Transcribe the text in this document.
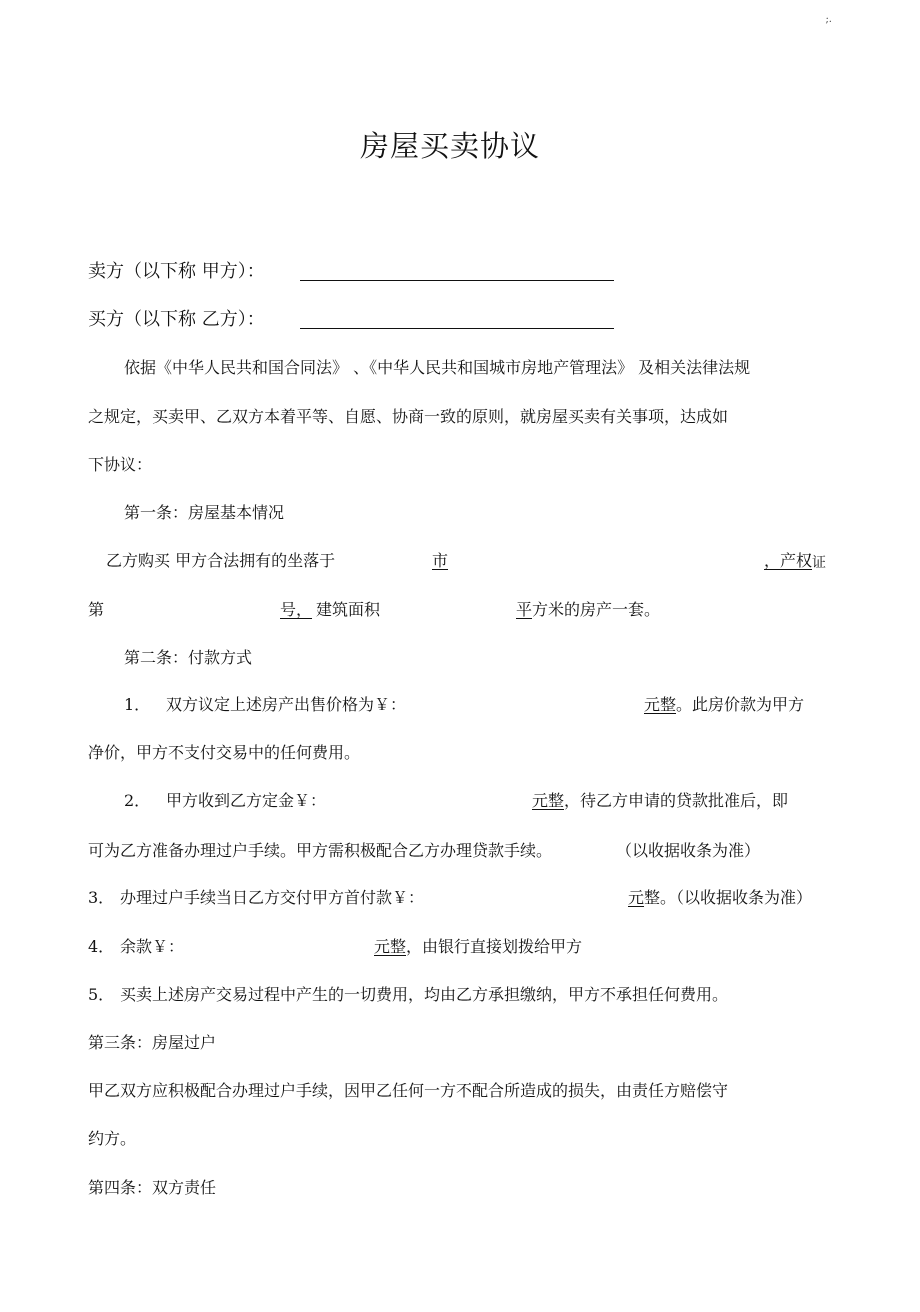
;.
房屋买卖协议
卖方（以下称 甲方）：
买方（以下称 乙方）：
依据《中华人民共和国合同法》 、《中华人民共和国城市房地产管理法》 及相关法律法规
之规定，买卖甲、乙双方本着平等、自愿、协商一致的原则，就房屋买卖有关事项，达成如
下协议：
第一条：房屋基本情况
乙方购买 甲方合法拥有的坐落于	市	， 产权 证
第	号， 建筑面积	平 方米的房产一套。
第二条：付款方式
1． 双方议定上述房产出售价格为￥：	元整 。此房价款为甲方
净价，甲方不支付交易中的任何费用。
2． 甲方收到乙方定金￥：	元整 ，待乙方申请的贷款批准后，即
可为乙方准备办理过户手续。甲方需积极配合乙方办理贷款手续。	（以收据收条为准）
3． 办理过户手续当日乙方交付甲方首付款￥：	元 整。（以收据收条为准）
4． 余款￥：	元整 ，由银行直接划拨给甲方
5． 买卖上述房产交易过程中产生的一切费用，均由乙方承担缴纳，甲方不承担任何费用。
第三条：房屋过户
甲乙双方应积极配合办理过户手续，因甲乙任何一方不配合所造成的损失，由责任方赔偿守
约方。
第四条：双方责任
